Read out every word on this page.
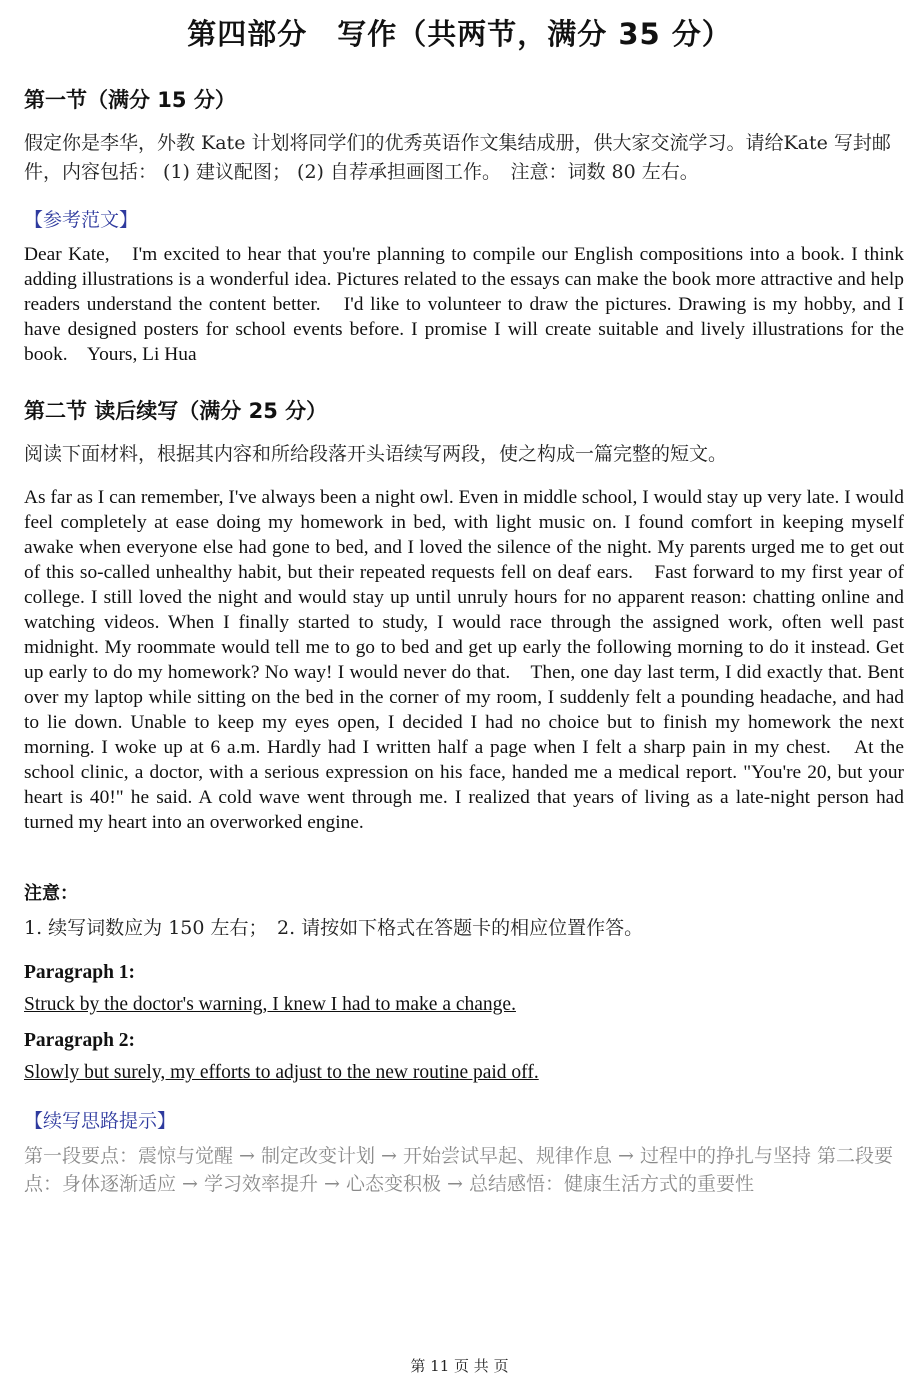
第四部分　写作（共两节，满分 35 分）
第一节（满分 15 分）
假定你是李华，外教 Kate 计划将同学们的优秀英语作文集结成册，供大家交流学习。请给Kate 写封邮件，内容包括： (1) 建议配图； (2) 自荐承担画图工作。　注意：词数 80 左右。
【参考范文】
Dear Kate,　I'm excited to hear that you're planning to compile our English compositions into a book. I think adding illustrations is a wonderful idea. Pictures related to the essays can make the book more attractive and help readers understand the content better.　I'd like to volunteer to draw the pictures. Drawing is my hobby, and I have designed posters for school events before. I promise I will create suitable and lively illustrations for the book.　Yours, Li Hua
第二节 读后续写（满分 25 分）
阅读下面材料，根据其内容和所给段落开头语续写两段，使之构成一篇完整的短文。
As far as I can remember, I've always been a night owl. Even in middle school, I would stay up very late. I would feel completely at ease doing my homework in bed, with light music on. I found comfort in keeping myself awake when everyone else had gone to bed, and I loved the silence of the night. My parents urged me to get out of this so-called unhealthy habit, but their repeated requests fell on deaf ears.　Fast forward to my first year of college. I still loved the night and would stay up until unruly hours for no apparent reason: chatting online and watching videos. When I finally started to study, I would race through the assigned work, often well past midnight. My roommate would tell me to go to bed and get up early the following morning to do it instead. Get up early to do my homework? No way! I would never do that.　Then, one day last term, I did exactly that. Bent over my laptop while sitting on the bed in the corner of my room, I suddenly felt a pounding headache, and had to lie down. Unable to keep my eyes open, I decided I had no choice but to finish my homework the next morning. I woke up at 6 a.m. Hardly had I written half a page when I felt a sharp pain in my chest.　At the school clinic, a doctor, with a serious expression on his face, handed me a medical report. "You're 20, but your heart is 40!" he said. A cold wave went through me. I realized that years of living as a late-night person had turned my heart into an overworked engine.
注意：
1. 续写词数应为 150 左右；　2. 请按如下格式在答题卡的相应位置作答。
Paragraph 1:
Struck by the doctor's warning, I knew I had to make a change.
Paragraph 2:
Slowly but surely, my efforts to adjust to the new routine paid off.
【续写思路提示】
第一段要点：震惊与觉醒 → 制定改变计划 → 开始尝试早起、规律作息 → 过程中的挣扎与坚持 第二段要点：身体逐渐适应 → 学习效率提升 → 心态变积极 → 总结感悟：健康生活方式的重要性
第 11 页 共 页
